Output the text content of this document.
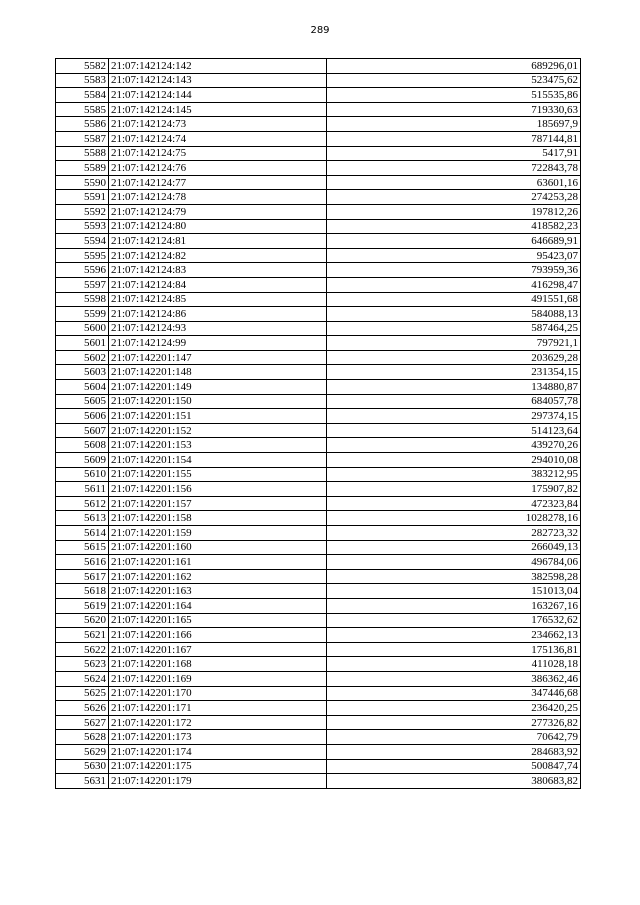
289
5582	21:07:142124:142	689296,01
5583	21:07:142124:143	523475,62
5584	21:07:142124:144	515535,86
5585	21:07:142124:145	719330,63
5586	21:07:142124:73	185697,9
5587	21:07:142124:74	787144,81
5588	21:07:142124:75	5417,91
5589	21:07:142124:76	722843,78
5590	21:07:142124:77	63601,16
5591	21:07:142124:78	274253,28
5592	21:07:142124:79	197812,26
5593	21:07:142124:80	418582,23
5594	21:07:142124:81	646689,91
5595	21:07:142124:82	95423,07
5596	21:07:142124:83	793959,36
5597	21:07:142124:84	416298,47
5598	21:07:142124:85	491551,68
5599	21:07:142124:86	584088,13
5600	21:07:142124:93	587464,25
5601	21:07:142124:99	797921,1
5602	21:07:142201:147	203629,28
5603	21:07:142201:148	231354,15
5604	21:07:142201:149	134880,87
5605	21:07:142201:150	684057,78
5606	21:07:142201:151	297374,15
5607	21:07:142201:152	514123,64
5608	21:07:142201:153	439270,26
5609	21:07:142201:154	294010,08
5610	21:07:142201:155	383212,95
5611	21:07:142201:156	175907,82
5612	21:07:142201:157	472323,84
5613	21:07:142201:158	1028278,16
5614	21:07:142201:159	282723,32
5615	21:07:142201:160	266049,13
5616	21:07:142201:161	496784,06
5617	21:07:142201:162	382598,28
5618	21:07:142201:163	151013,04
5619	21:07:142201:164	163267,16
5620	21:07:142201:165	176532,62
5621	21:07:142201:166	234662,13
5622	21:07:142201:167	175136,81
5623	21:07:142201:168	411028,18
5624	21:07:142201:169	386362,46
5625	21:07:142201:170	347446,68
5626	21:07:142201:171	236420,25
5627	21:07:142201:172	277326,82
5628	21:07:142201:173	70642,79
5629	21:07:142201:174	284683,92
5630	21:07:142201:175	500847,74
5631	21:07:142201:179	380683,82
